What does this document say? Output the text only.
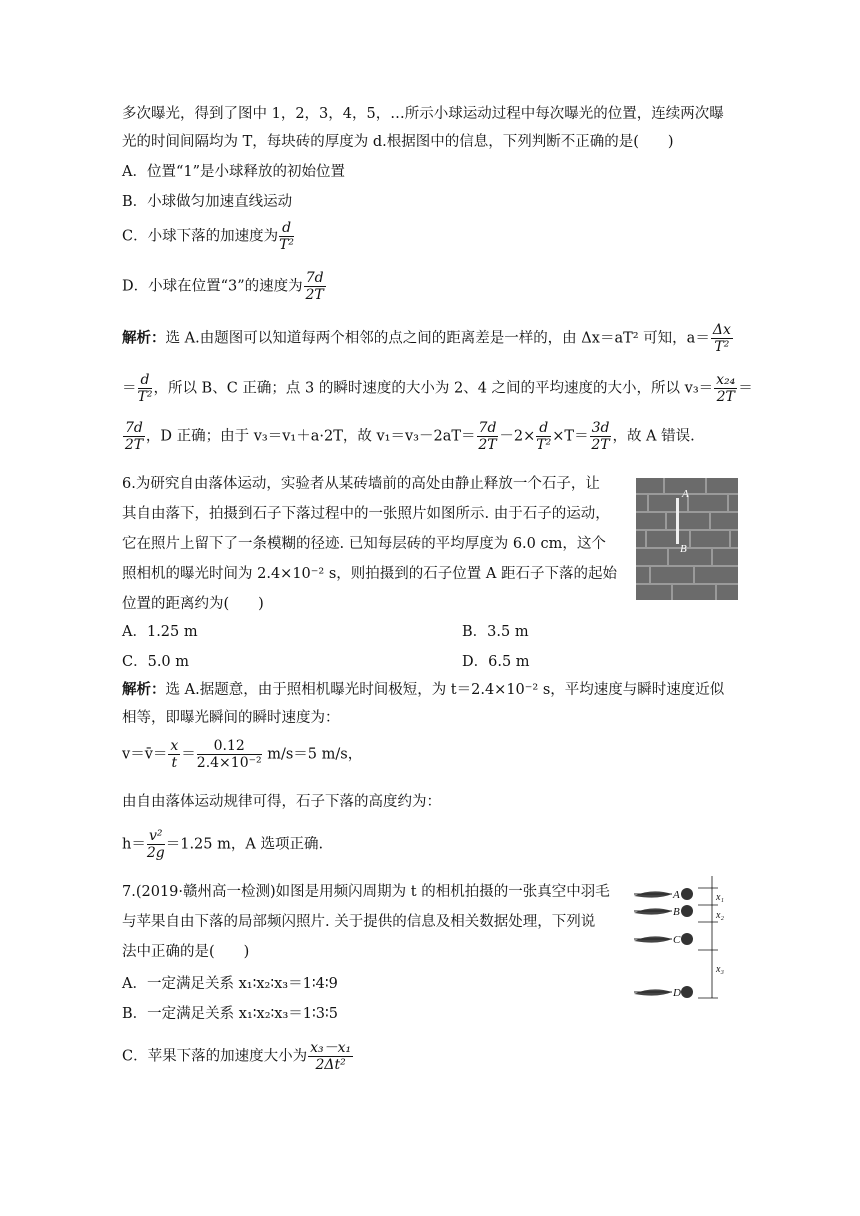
多次曝光，得到了图中 1，2，3，4，5，…所示小球运动过程中每次曝光的位置，连续两次曝
光的时间间隔均为 T，每块砖的厚度为 d.根据图中的信息，下列判断不正确的是(　　)
A．位置“1”是小球释放的初始位置
B．小球做匀加速直线运动
C．小球下落的加速度为 $\frac{d}{\text{T²}}$
D．小球在位置“3”的速度为 $\frac{7d}{2T}$
解析：选 A.由题图可以知道每两个相邻的点之间的距离差是一样的，由 Δx＝aT² 可知，$a= \frac{\Delta x}{\text{T²}}$
＝ $\frac{d}{\text{T²}}$ ，所以 B、C 正确；点 3 的瞬时速度的大小为 2、4 之间的平均速度的大小，所以 $v_3= \frac{\text{x₂₄}}{2T}$ ＝
$\frac{7d}{2T}$ ，D 正确；由于 v₃＝v₁＋a·2T，故 $v_1=v_3-2aT= \frac{7d}{2T} -2\times \frac{d}{\text{T²}} \times T= \frac{3d}{2T}$ ，故 A 错误.
6.为研究自由落体运动，实验者从某砖墙前的高处由静止释放一个石子，让
其自由落下，拍摄到石子下落过程中的一张照片如图所示. 由于石子的运动，
它在照片上留下了一条模糊的径迹. 已知每层砖的平均厚度为 6.0 cm，这个
照相机的曝光时间为 2.4×10⁻² s，则拍摄到的石子位置 A 距石子下落的起始
位置的距离约为(　　)
A
B
A．1.25 m	B．3.5 m
C．5.0 m	D．6.5 m
解析：选 A.据题意，由于照相机曝光时间极短，为 t＝2.4×10⁻² s，平均速度与瞬时速度近似
相等，即曝光瞬间的瞬时速度为：
v＝v̄＝ $\frac{x}{t} = \frac{0.12}{\text{2.4×10⁻²}} m/s=5$ m/s，
由自由落体运动规律可得，石子下落的高度约为：
$h= \frac{\text{v²}}{2g} =1.25$ m，A 选项正确.
7.(2019·赣州高一检测)如图是用频闪周期为 t 的相机拍摄的一张真空中羽毛
与苹果自由下落的局部频闪照片. 关于提供的信息及相关数据处理，下列说
法中正确的是(　　)
A．一定满足关系 x₁∶x₂∶x₃＝1∶4∶9
B．一定满足关系 x₁∶x₂∶x₃＝1∶3∶5
C．苹果下落的加速度大小为 $\frac{\text{x₃－x₁}}{\text{2Δt²}}$
A
B
C
D
x₁
x₂
x₃
